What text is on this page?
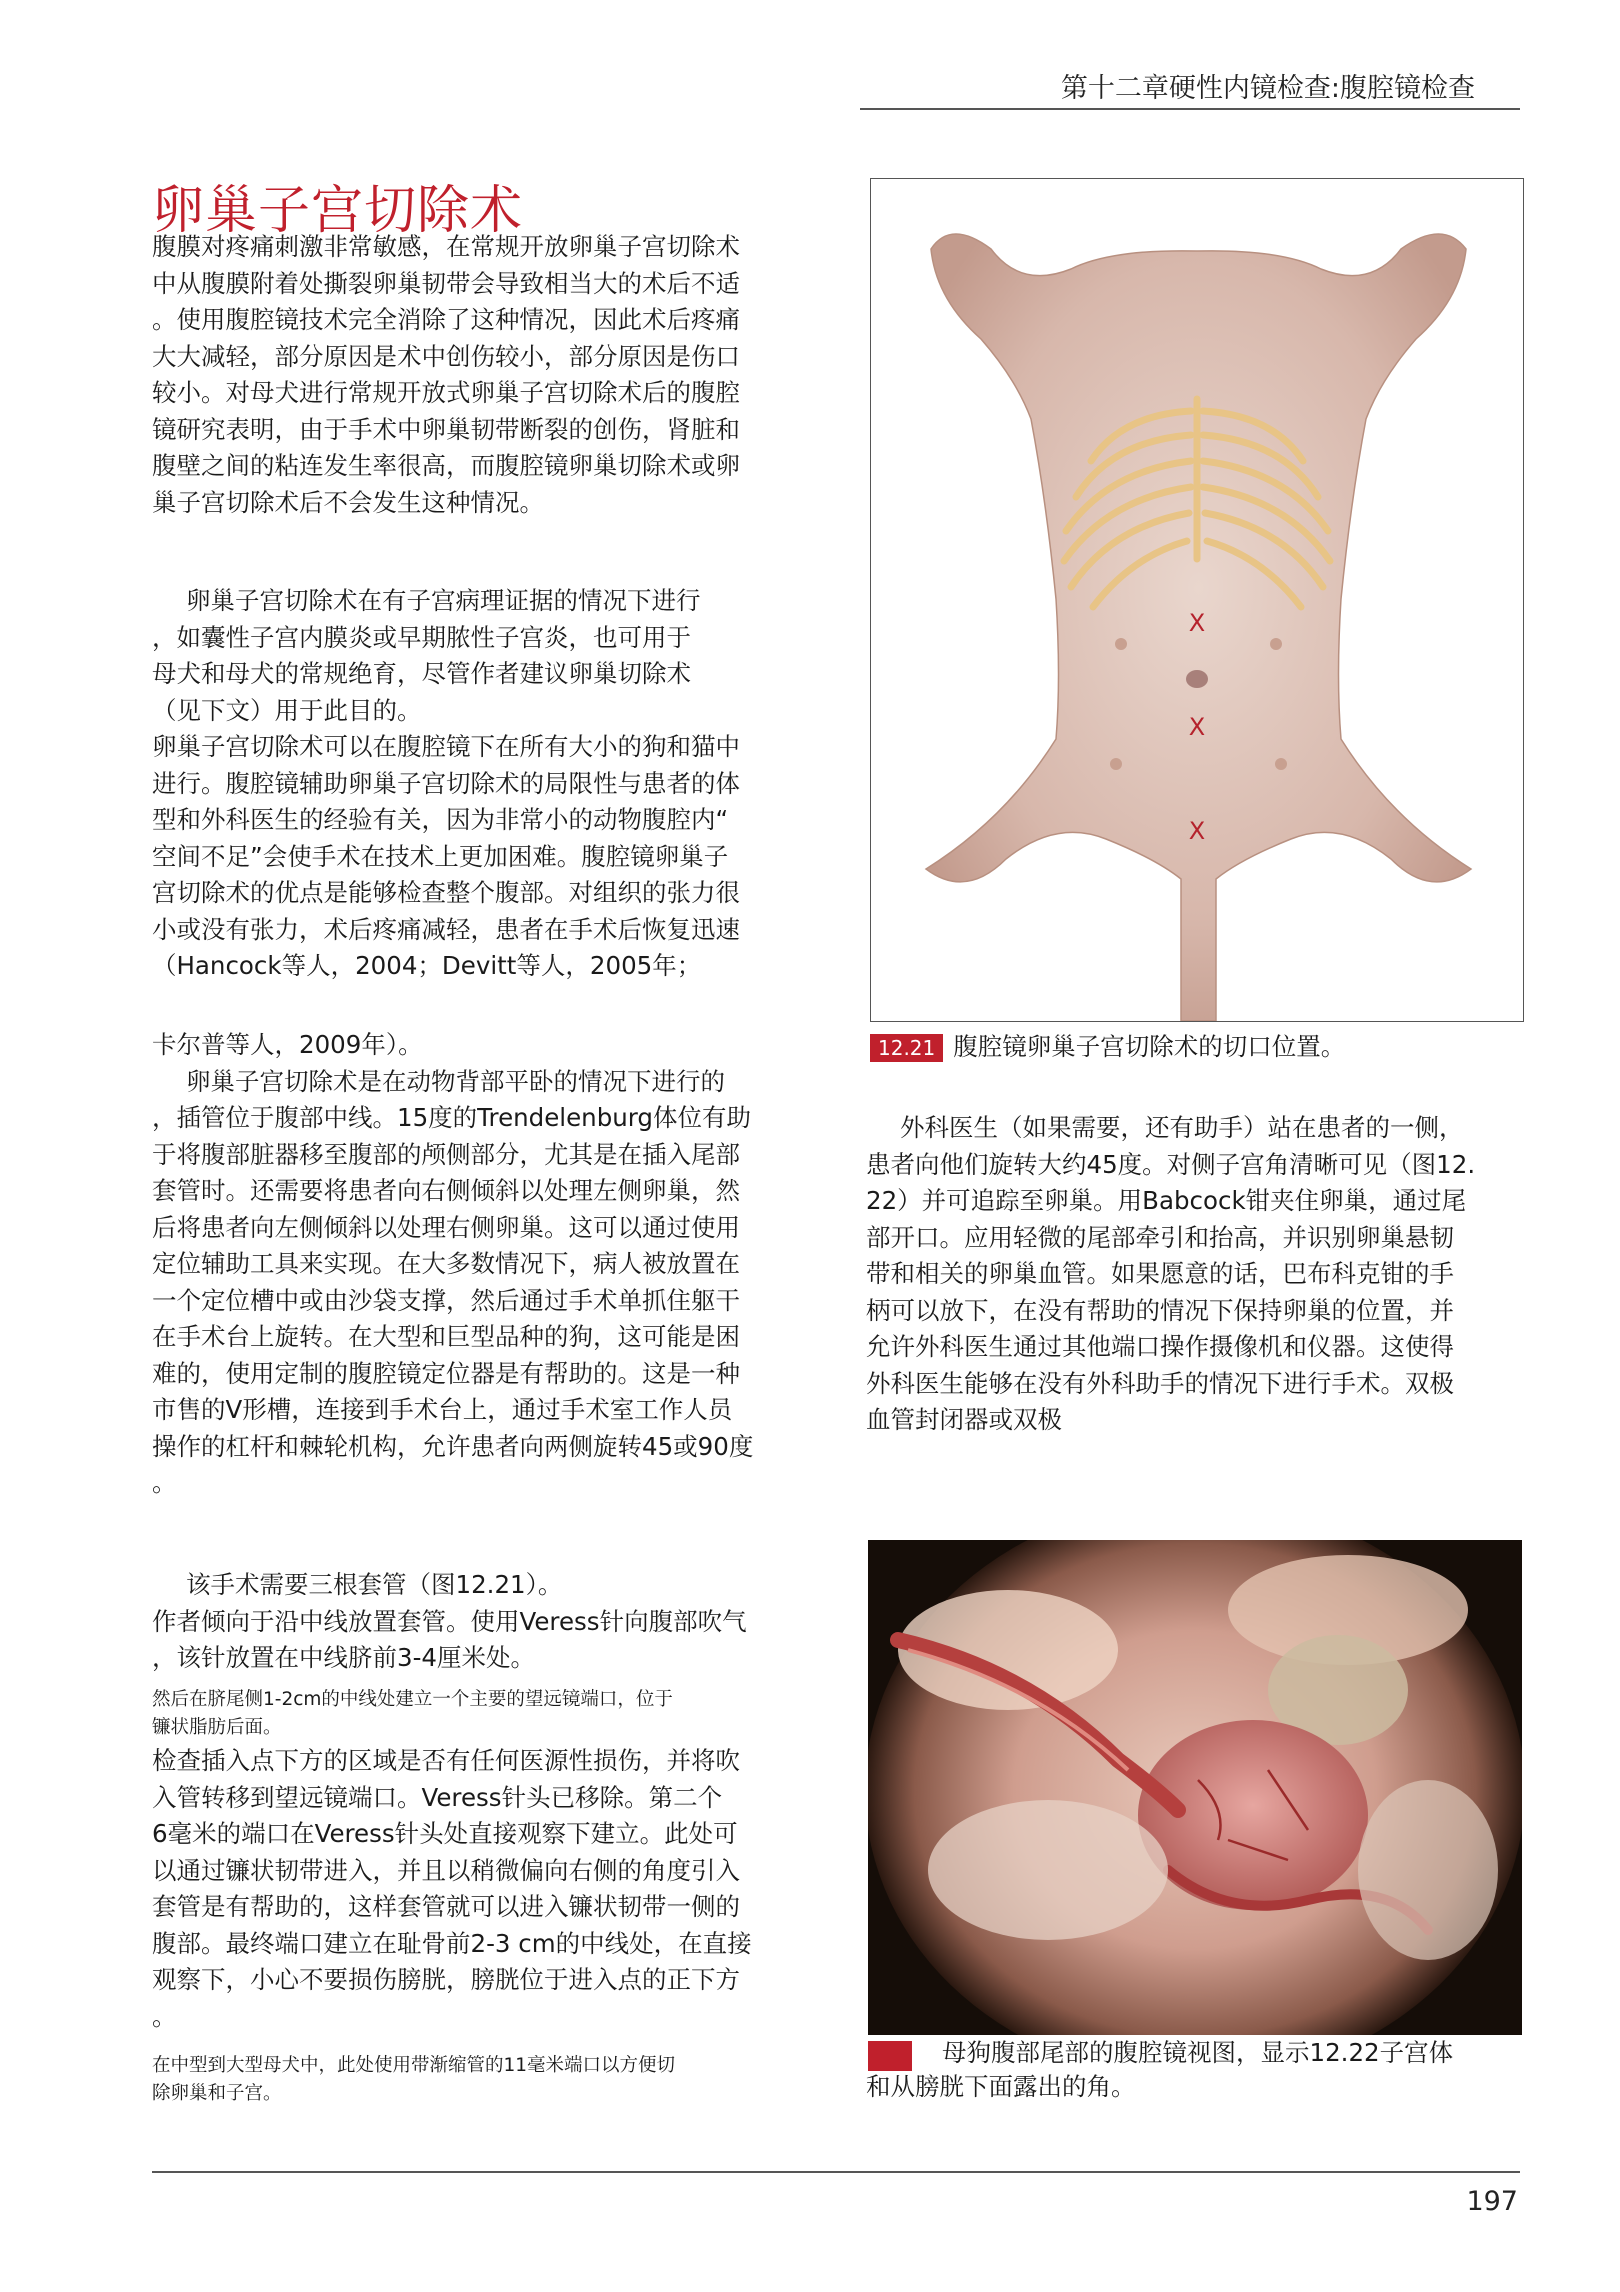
第十二章硬性内镜检查:腹腔镜检查
卵巢子宫切除术

腹膜对疼痛刺激非常敏感，在常规开放卵巢子宫切除术

中从腹膜附着处撕裂卵巢韧带会导致相当大的术后不适

。使用腹腔镜技术完全消除了这种情况，因此术后疼痛

大大减轻，部分原因是术中创伤较小，部分原因是伤口

较小。对母犬进行常规开放式卵巢子宫切除术后的腹腔

镜研究表明，由于手术中卵巢韧带断裂的创伤，肾脏和

腹壁之间的粘连发生率很高，而腹腔镜卵巢切除术或卵

巢子宫切除术后不会发生这种情况。

卵巢子宫切除术在有子宫病理证据的情况下进行

，如囊性子宫内膜炎或早期脓性子宫炎，也可用于

母犬和母犬的常规绝育，尽管作者建议卵巢切除术

（见下文）用于此目的。

卵巢子宫切除术可以在腹腔镜下在所有大小的狗和猫中

进行。腹腔镜辅助卵巢子宫切除术的局限性与患者的体

型和外科医生的经验有关，因为非常小的动物腹腔内“

空间不足”会使手术在技术上更加困难。腹腔镜卵巢子

宫切除术的优点是能够检查整个腹部。对组织的张力很

小或没有张力，术后疼痛减轻，患者在手术后恢复迅速

（Hancock等人，2004；Devitt等人，2005年；

卡尔普等人，2009年）。

卵巢子宫切除术是在动物背部平卧的情况下进行的

，插管位于腹部中线。15度的Trendelenburg体位有助

于将腹部脏器移至腹部的颅侧部分，尤其是在插入尾部

套管时。还需要将患者向右侧倾斜以处理左侧卵巢，然

后将患者向左侧倾斜以处理右侧卵巢。这可以通过使用

定位辅助工具来实现。在大多数情况下，病人被放置在

一个定位槽中或由沙袋支撑，然后通过手术单抓住躯干

在手术台上旋转。在大型和巨型品种的狗，这可能是困

难的，使用定制的腹腔镜定位器是有帮助的。这是一种

市售的V形槽，连接到手术台上，通过手术室工作人员

操作的杠杆和棘轮机构，允许患者向两侧旋转45或90度

。

该手术需要三根套管（图12.21）。

作者倾向于沿中线放置套管。使用Veress针向腹部吹气

，该针放置在中线脐前3-4厘米处。

然后在脐尾侧1-2cm的中线处建立一个主要的望远镜端口，位于

镰状脂肪后面。

检查插入点下方的区域是否有任何医源性损伤，并将吹

入管转移到望远镜端口。Veress针头已移除。第二个

6毫米的端口在Veress针头处直接观察下建立。此处可

以通过镰状韧带进入，并且以稍微偏向右侧的角度引入

套管是有帮助的，这样套管就可以进入镰状韧带一侧的

腹部。最终端口建立在耻骨前2-3 cm的中线处，在直接

观察下，小心不要损伤膀胱，膀胱位于进入点的正下方

。

在中型到大型母犬中，此处使用带渐缩管的11毫米端口以方便切

除卵巢和子宫。

X
X
X
12.21 腹腔镜卵巢子宫切除术的切口位置。

外科医生（如果需要，还有助手）站在患者的一侧，

患者向他们旋转大约45度。对侧子宫角清晰可见（图12.

22）并可追踪至卵巢。用Babcock钳夹住卵巢，通过尾

部开口。应用轻微的尾部牵引和抬高，并识别卵巢悬韧

带和相关的卵巢血管。如果愿意的话，巴布科克钳的手

柄可以放下，在没有帮助的情况下保持卵巢的位置，并

允许外科医生通过其他端口操作摄像机和仪器。这使得

外科医生能够在没有外科助手的情况下进行手术。双极

血管封闭器或双极

母狗腹部尾部的腹腔镜视图，显示12.22子宫体
和从膀胱下面露出的角。
197
